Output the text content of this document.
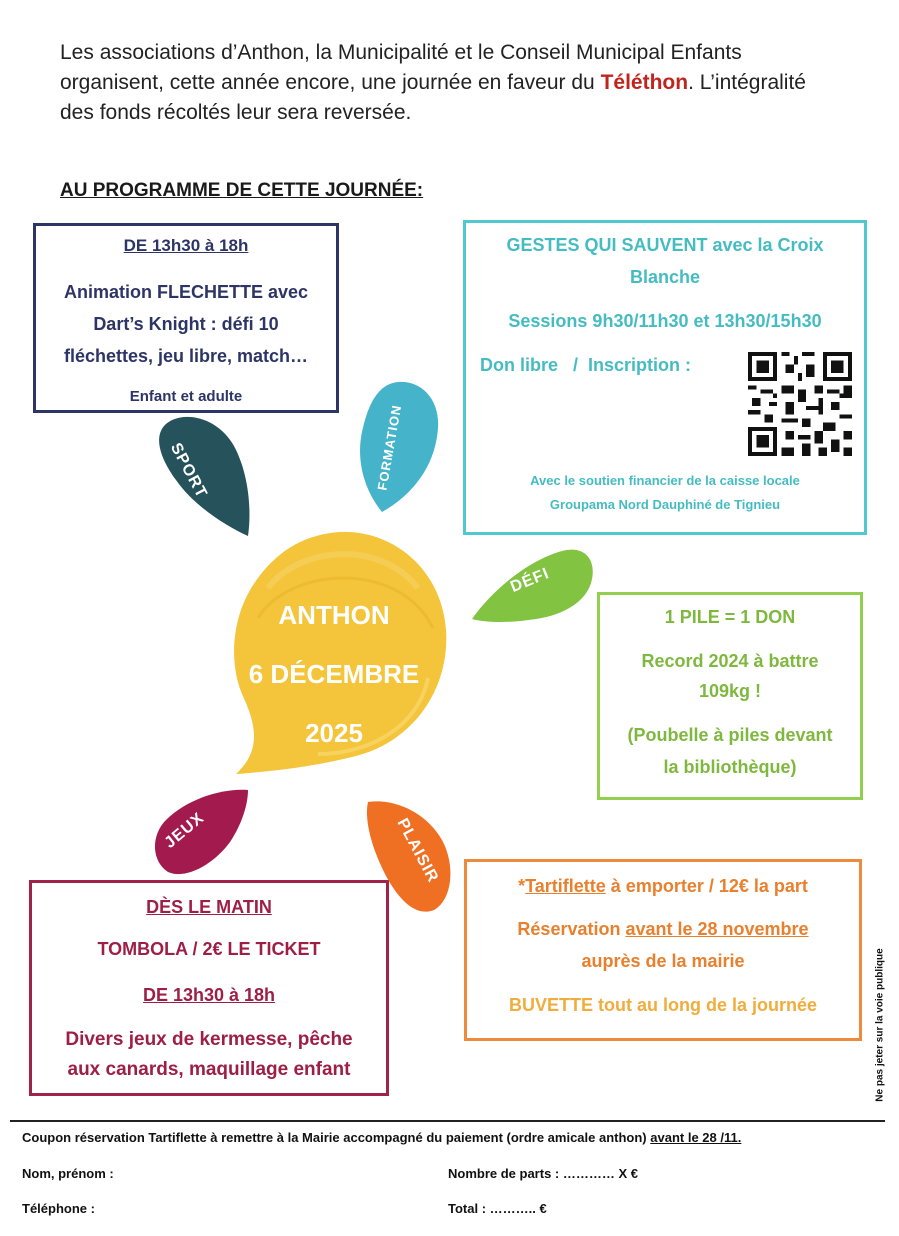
Les associations d’Anthon, la Municipalité et le Conseil Municipal Enfants organisent, cette année encore, une journée en faveur du Téléthon. L’intégralité des fonds récoltés leur sera reversée.
AU PROGRAMME DE CETTE JOURNÉE:
DE 13h30 à 18h
Animation FLECHETTE avec
Dart’s Knight : défi 10
fléchettes, jeu libre, match…
Enfant et adulte
GESTES QUI SAUVENT avec la Croix
Blanche
Sessions 9h30/11h30 et 13h30/15h30
Don libre   /  Inscription :
Avec le soutien financier de la caisse locale
Groupama Nord Dauphiné de Tignieu
1 PILE = 1 DON
Record 2024 à battre
109kg !
(Poubelle à piles devant
la bibliothèque)
DÈS LE MATIN
TOMBOLA / 2€ LE TICKET
DE 13h30 à 18h
Divers jeux de kermesse, pêche
aux canards, maquillage enfant
*Tartiflette à emporter / 12€ la part
Réservation avant le 28 novembre
auprès de la mairie
BUVETTE tout au long de la journée
SPORT	FORMATION
DÉFI
JEUX	PLAISIR
ANTHON
6 DÉCEMBRE
2025
Ne pas jeter sur la voie publique
Coupon réservation Tartiflette à remettre à la Mairie accompagné du paiement (ordre amicale anthon) avant le 28 /11.
Nom, prénom :	Nombre de parts : ………… X €
Téléphone :	Total : ……….. €
